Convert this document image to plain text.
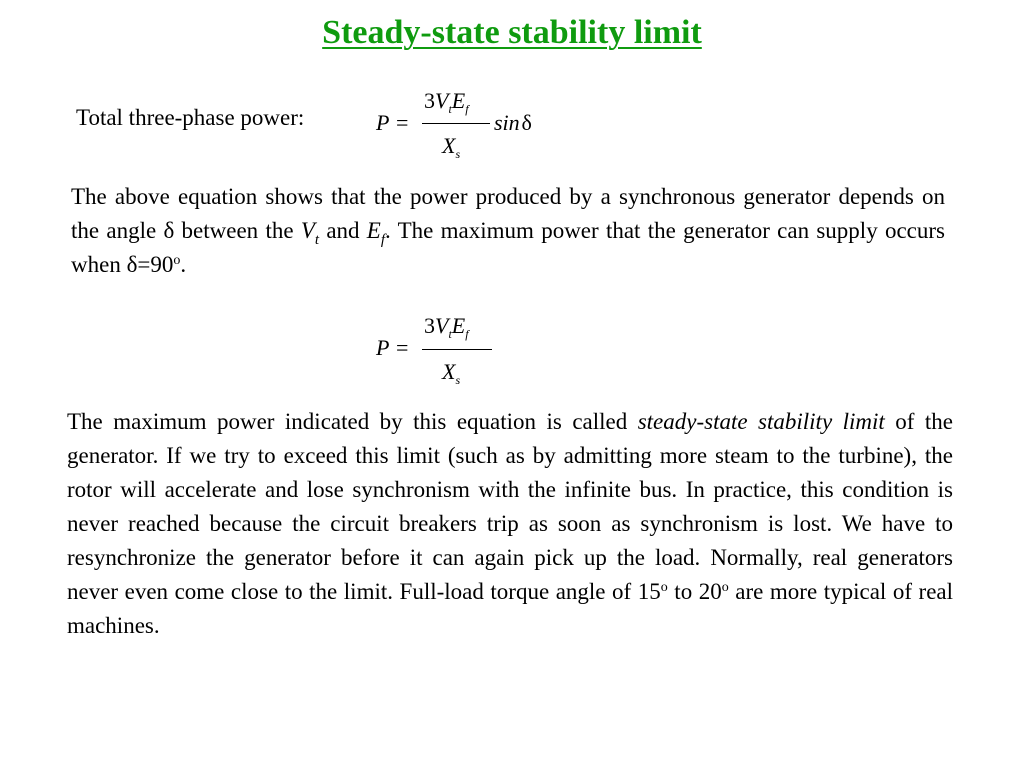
Steady-state stability limit
Total three-phase power:	P =
$3V_tE_f$
$X_s$
sin δ
The above equation shows that the power produced by a synchronous generator depends on the angle δ between the $V_t$ and $E_f$. The maximum power that the generator can supply occurs when $\delta=90^o$.
P =
$3V_tE_f$
$X_s$
The maximum power indicated by this equation is called steady-state stability limit of the generator. If we try to exceed this limit (such as by admitting more steam to the turbine), the rotor will accelerate and lose synchronism with the infinite bus. In practice, this condition is never reached because the circuit breakers trip as soon as synchronism is lost. We have to resynchronize the generator before it can again pick up the load. Normally, real generators never even come close to the limit. Full-load torque angle of 15$^o$ to 20$^o$ are more typical of real machines.
